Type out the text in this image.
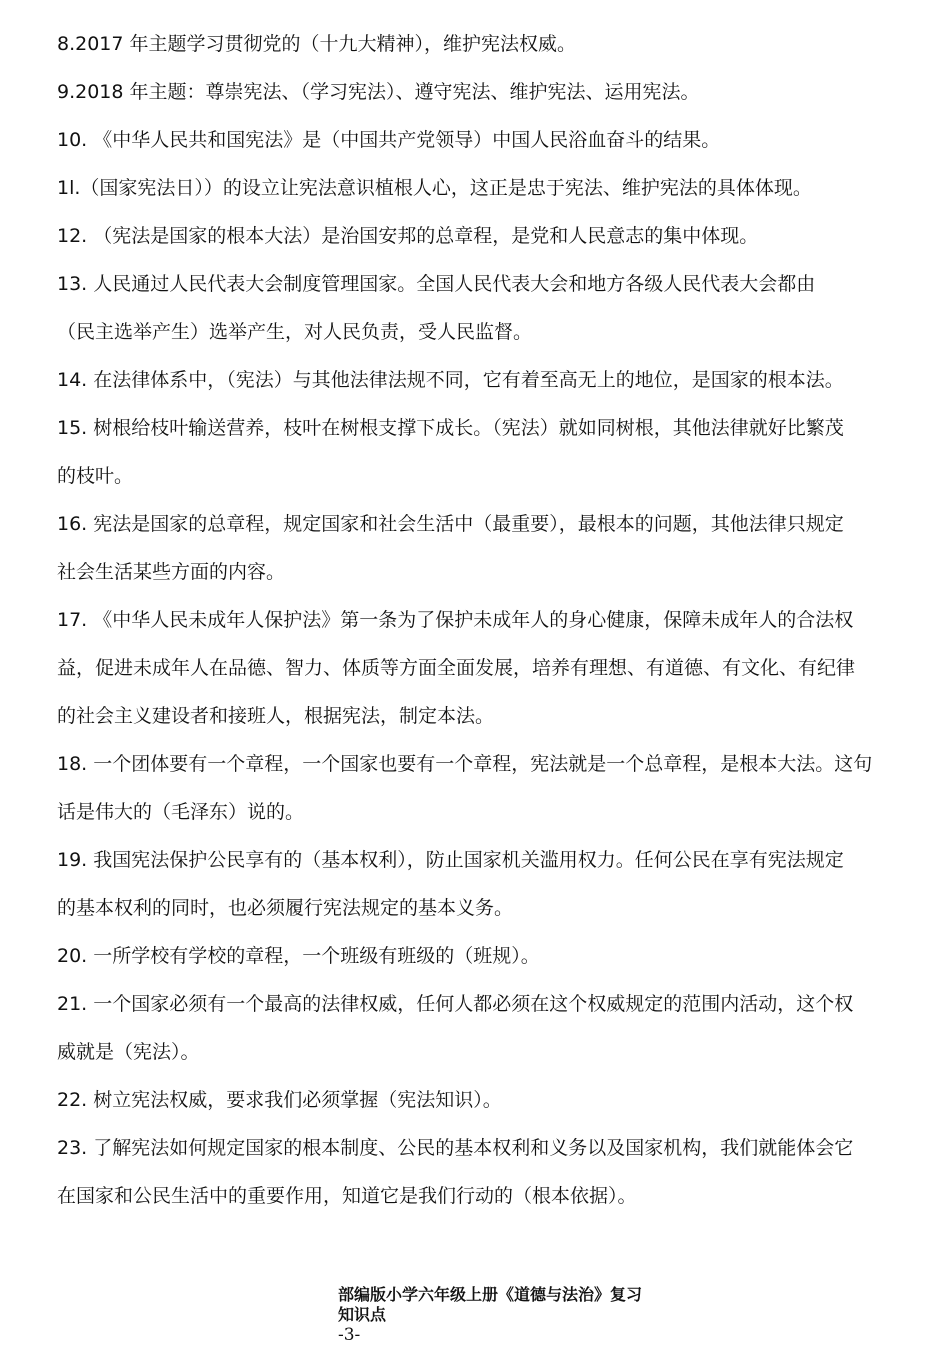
8.2017 年主题学习贯彻党的（十九大精神），维护宪法权威。
9.2018 年主题：尊崇宪法、（学习宪法）、遵守宪法、维护宪法、运用宪法。
10. 《中华人民共和国宪法》是（中国共产党领导）中国人民浴血奋斗的结果。
1l.（国家宪法日））的设立让宪法意识植根人心，这正是忠于宪法、维护宪法的具体体现。
12. （宪法是国家的根本大法）是治国安邦的总章程，是党和人民意志的集中体现。
13. 人民通过人民代表大会制度管理国家。全国人民代表大会和地方各级人民代表大会都由
（民主选举产生）选举产生，对人民负责，受人民监督。
14. 在法律体系中，（宪法）与其他法律法规不同，它有着至高无上的地位，是国家的根本法。
15. 树根给枝叶输送营养，枝叶在树根支撑下成长。（宪法）就如同树根，其他法律就好比繁茂
的枝叶。
16. 宪法是国家的总章程，规定国家和社会生活中（最重要），最根本的问题，其他法律只规定
社会生活某些方面的内容。
17. 《中华人民未成年人保护法》第一条为了保护未成年人的身心健康，保障未成年人的合法权
益，促进未成年人在品德、智力、体质等方面全面发展，培养有理想、有道德、有文化、有纪律
的社会主义建设者和接班人，根据宪法，制定本法。
18. 一个团体要有一个章程，一个国家也要有一个章程，宪法就是一个总章程，是根本大法。这句
话是伟大的（毛泽东）说的。
19. 我国宪法保护公民享有的（基本权利），防止国家机关滥用权力。任何公民在享有宪法规定
的基本权利的同时，也必须履行宪法规定的基本义务。
20. 一所学校有学校的章程，一个班级有班级的（班规）。
21. 一个国家必须有一个最高的法律权威，任何人都必须在这个权威规定的范围内活动，这个权
威就是（宪法）。
22. 树立宪法权威，要求我们必须掌握（宪法知识）。
23. 了解宪法如何规定国家的根本制度、公民的基本权利和义务以及国家机构，我们就能体会它
在国家和公民生活中的重要作用，知道它是我们行动的（根本依据）。
部编版小学六年级上册《道德与法治》复习
知识点
-3-
